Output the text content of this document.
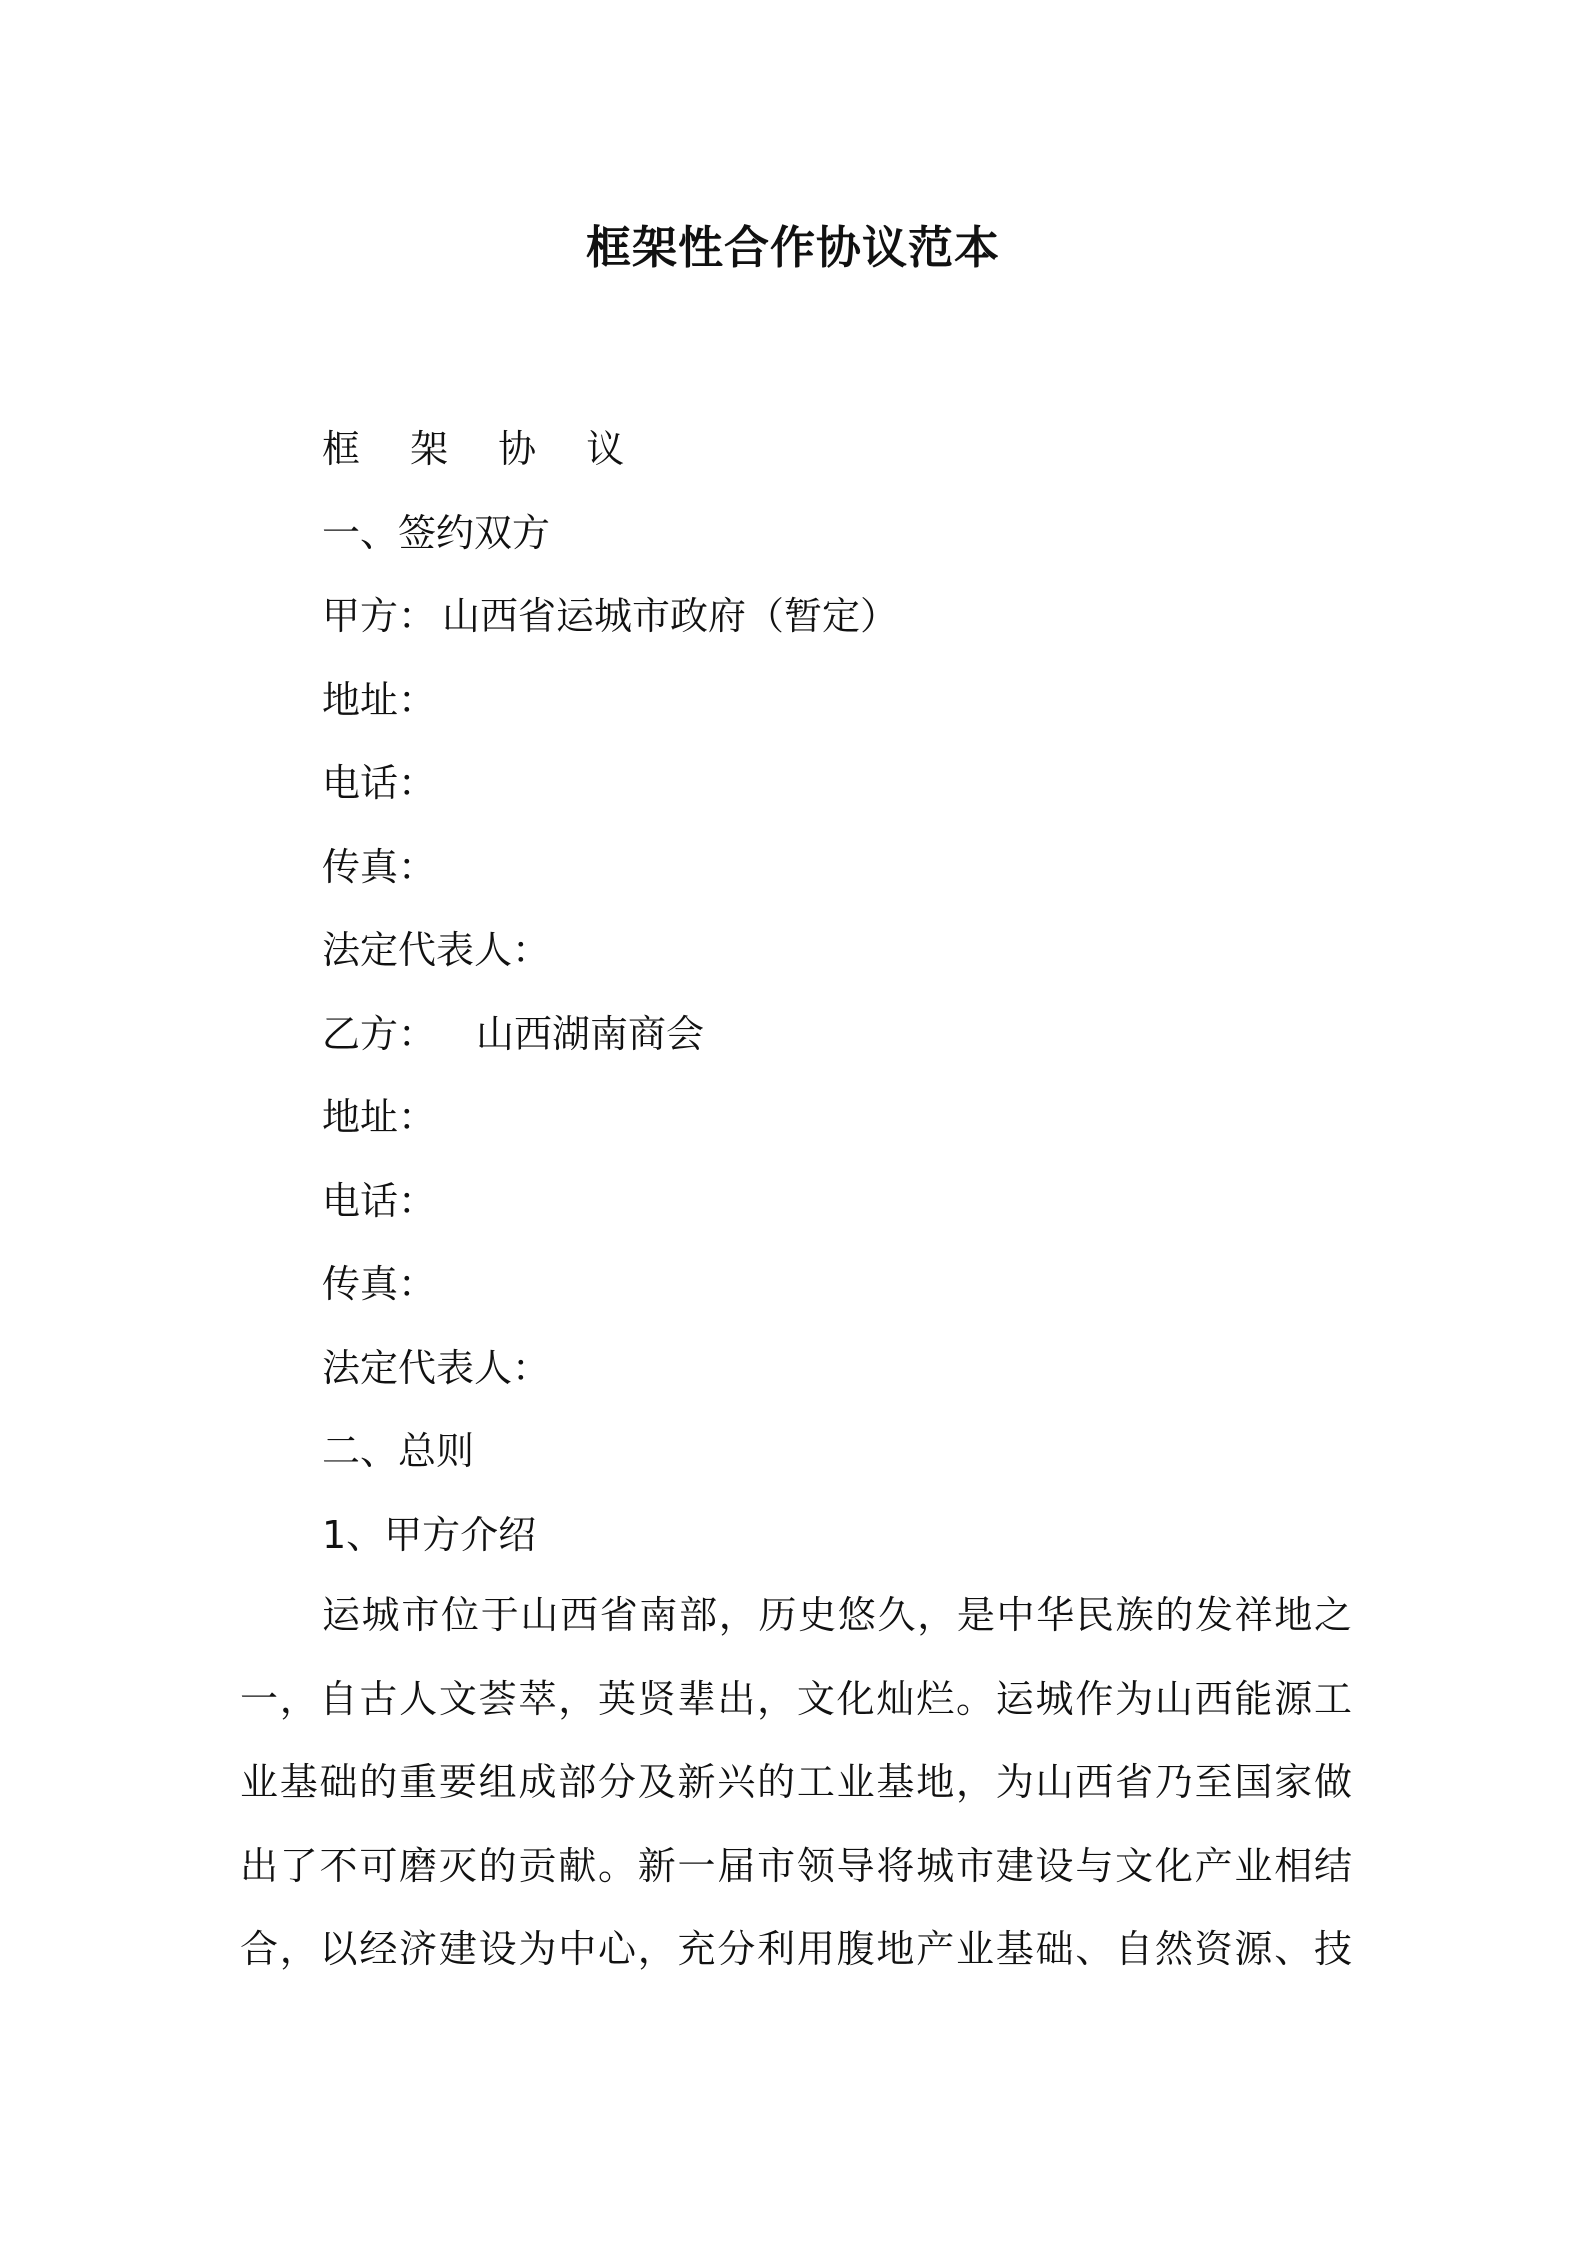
框架性合作协议范本

框 架 协 议

一、签约双方

甲方： 山西省运城市政府（暂定）

地址：

电话：

传真：

法定代表人：

乙方： 山西湖南商会

地址：

电话：

传真：

法定代表人：

二、总则

1、甲方介绍

运城市位于山西省南部，历史悠久，是中华民族的发祥地之

一，自古人文荟萃，英贤辈出，文化灿烂。运城作为山西能源工

业基础的重要组成部分及新兴的工业基地，为山西省乃至国家做

出了不可磨灭的贡献。新一届市领导将城市建设与文化产业相结

合，以经济建设为中心，充分利用腹地产业基础、自然资源、技
